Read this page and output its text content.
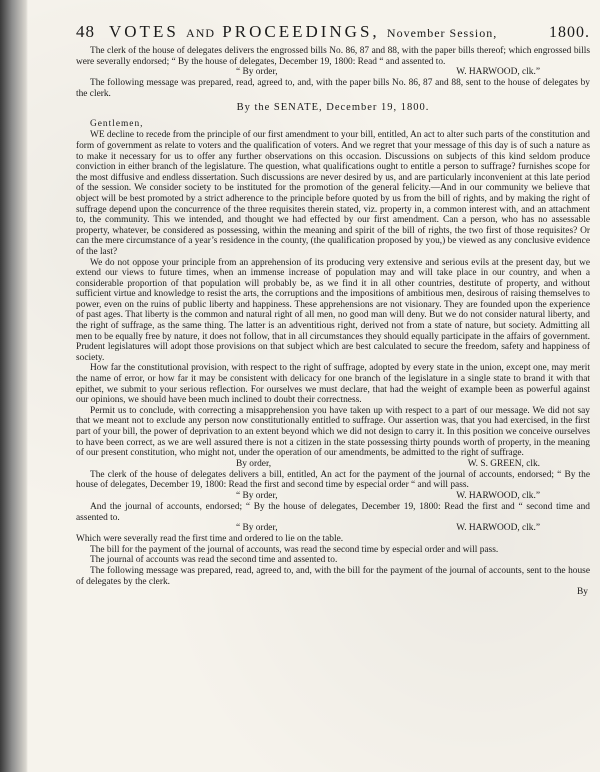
48 VOTES AND PROCEEDINGS, November Session,	1800.

The clerk of the house of delegates delivers the engrossed bills No. 86, 87 and 88, with the paper bills thereof; which engrossed bills were severally endorsed; “ By the house of delegates, December 19, 1800: Read “ and assented to.

“ By order,	W. HARWOOD, clk.”

The following message was prepared, read, agreed to, and, with the paper bills No. 86, 87 and 88, sent to the house of delegates by the clerk.

By the SENATE, December 19, 1800.
Gentlemen,

WE decline to recede from the principle of our first amendment to your bill, entitled, An act to alter such parts of the constitution and form of government as relate to voters and the qualification of voters. And we regret that your message of this day is of such a nature as to make it necessary for us to offer any further observations on this occasion. Discussions on subjects of this kind seldom produce conviction in either branch of the legislature. The question, what qualifications ought to entitle a person to suffrage? furnishes scope for the most diffusive and endless dissertation. Such discussions are never desired by us, and are particularly inconvenient at this late period of the session. We consider society to be instituted for the promotion of the general felicity.—And in our community we believe that object will be best promoted by a strict adherence to the principle before quoted by us from the bill of rights, and by making the right of suffrage depend upon the concurrence of the three requisites therein stated, viz. property in, a common interest with, and an attachment to, the community. This we intended, and thought we had effected by our first amendment. Can a person, who has no assessable property, whatever, be considered as possessing, within the meaning and spirit of the bill of rights, the two first of those requisites? Or can the mere circumstance of a year’s residence in the county, (the qualification proposed by you,) be viewed as any conclusive evidence of the last?

We do not oppose your principle from an apprehension of its producing very extensive and serious evils at the present day, but we extend our views to future times, when an immense increase of population may and will take place in our country, and when a considerable proportion of that population will probably be, as we find it in all other countries, destitute of property, and without sufficient virtue and knowledge to resist the arts, the corruptions and the impositions of ambitious men, desirous of raising themselves to power, even on the ruins of public liberty and happiness. These apprehensions are not visionary. They are founded upon the experience of past ages. That liberty is the common and natural right of all men, no good man will deny. But we do not consider natural liberty, and the right of suffrage, as the same thing. The latter is an adventitious right, derived not from a state of nature, but society. Admitting all men to be equally free by nature, it does not follow, that in all circumstances they should equally participate in the affairs of government. Prudent legislatures will adopt those provisions on that subject which are best calculated to secure the freedom, safety and happiness of society.

How far the constitutional provision, with respect to the right of suffrage, adopted by every state in the union, except one, may merit the name of error, or how far it may be consistent with delicacy for one branch of the legislature in a single state to brand it with that epithet, we submit to your serious reflection. For ourselves we must declare, that had the weight of example been as powerful against our opinions, we should have been much inclined to doubt their correctness.

Permit us to conclude, with correcting a misapprehension you have taken up with respect to a part of our message. We did not say that we meant not to exclude any person now constitutionally entitled to suffrage. Our assertion was, that you had exercised, in the first part of your bill, the power of deprivation to an extent beyond which we did not design to carry it. In this position we conceive ourselves to have been correct, as we are well assured there is not a citizen in the state possessing thirty pounds worth of property, in the meaning of our present constitution, who might not, under the operation of our amendments, be admitted to the right of suffrage.

By order,	W. S. GREEN, clk.

The clerk of the house of delegates delivers a bill, entitled, An act for the payment of the journal of accounts, endorsed; “ By the house of delegates, December 19, 1800: Read the first and second time by especial order “ and will pass.

“ By order,	W. HARWOOD, clk.”

And the journal of accounts, endorsed; “ By the house of delegates, December 19, 1800: Read the first and “ second time and assented to.

“ By order,	W. HARWOOD, clk.”

Which were severally read the first time and ordered to lie on the table.

The bill for the payment of the journal of accounts, was read the second time by especial order and will pass.

The journal of accounts was read the second time and assented to.

The following message was prepared, read, agreed to, and, with the bill for the payment of the journal of accounts, sent to the house of delegates by the clerk.

By
